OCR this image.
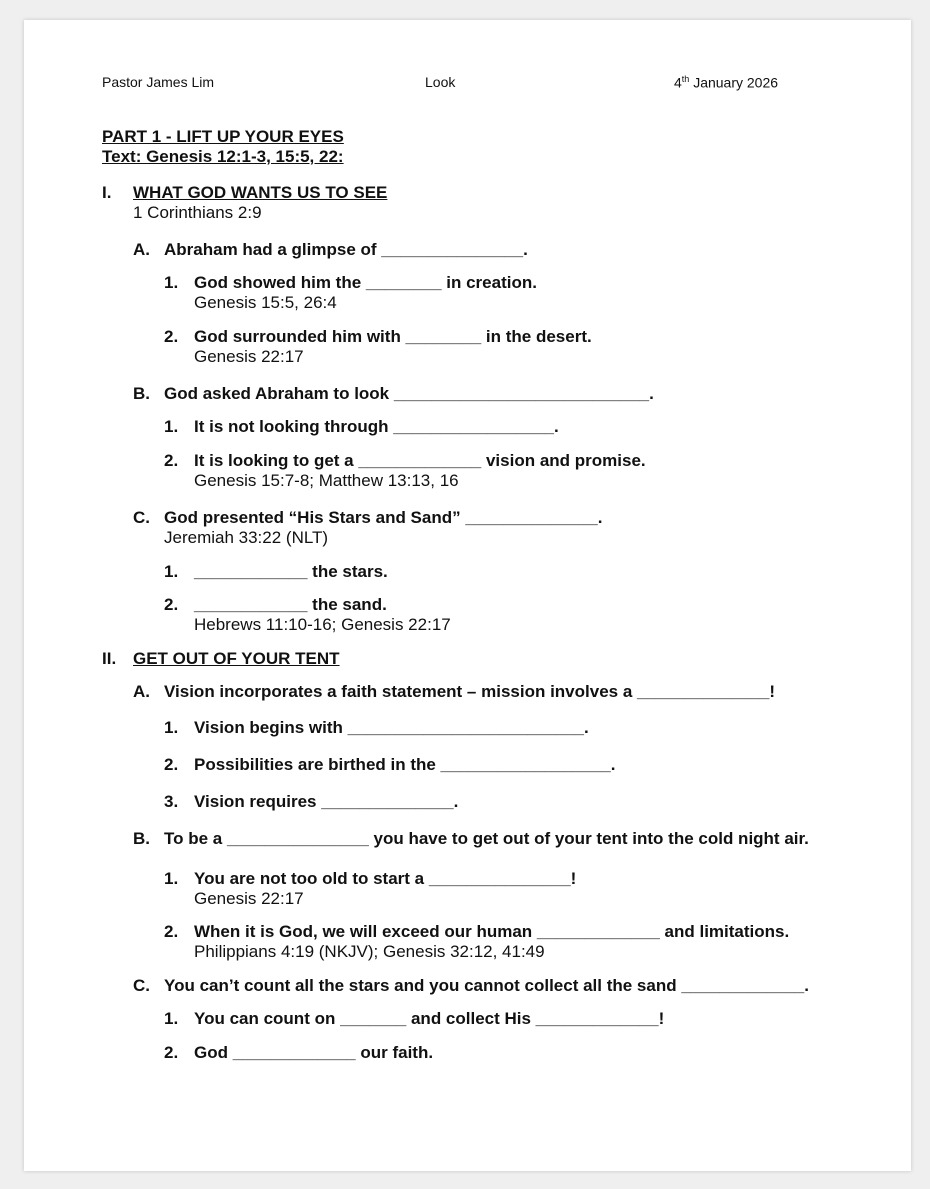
Pastor James Lim	Look	4th January 2026
PART 1 - LIFT UP YOUR EYES
Text: Genesis 12:1-3, 15:5, 22:
I. WHAT GOD WANTS US TO SEE
1 Corinthians 2:9
A. Abraham had a glimpse of _______________.
1. God showed him the ________ in creation.
Genesis 15:5, 26:4
2. God surrounded him with ________ in the desert.
Genesis 22:17
B. God asked Abraham to look ___________________________.
1. It is not looking through _________________.
2. It is looking to get a _____________ vision and promise.
Genesis 15:7-8; Matthew 13:13, 16
C. God presented “His Stars and Sand” ______________.
Jeremiah 33:22 (NLT)
1. ____________ the stars.
2. ____________ the sand.
Hebrews 11:10-16; Genesis 22:17
II. GET OUT OF YOUR TENT
A. Vision incorporates a faith statement – mission involves a ______________!
1. Vision begins with _________________________.
2. Possibilities are birthed in the __________________.
3. Vision requires ______________.
B. To be a _______________ you have to get out of your tent into the cold night air.
1. You are not too old to start a _______________!
Genesis 22:17
2. When it is God, we will exceed our human _____________ and limitations.
Philippians 4:19 (NKJV); Genesis 32:12, 41:49
C. You can’t count all the stars and you cannot collect all the sand _____________.
1. You can count on _______ and collect His _____________!
2. God _____________ our faith.
